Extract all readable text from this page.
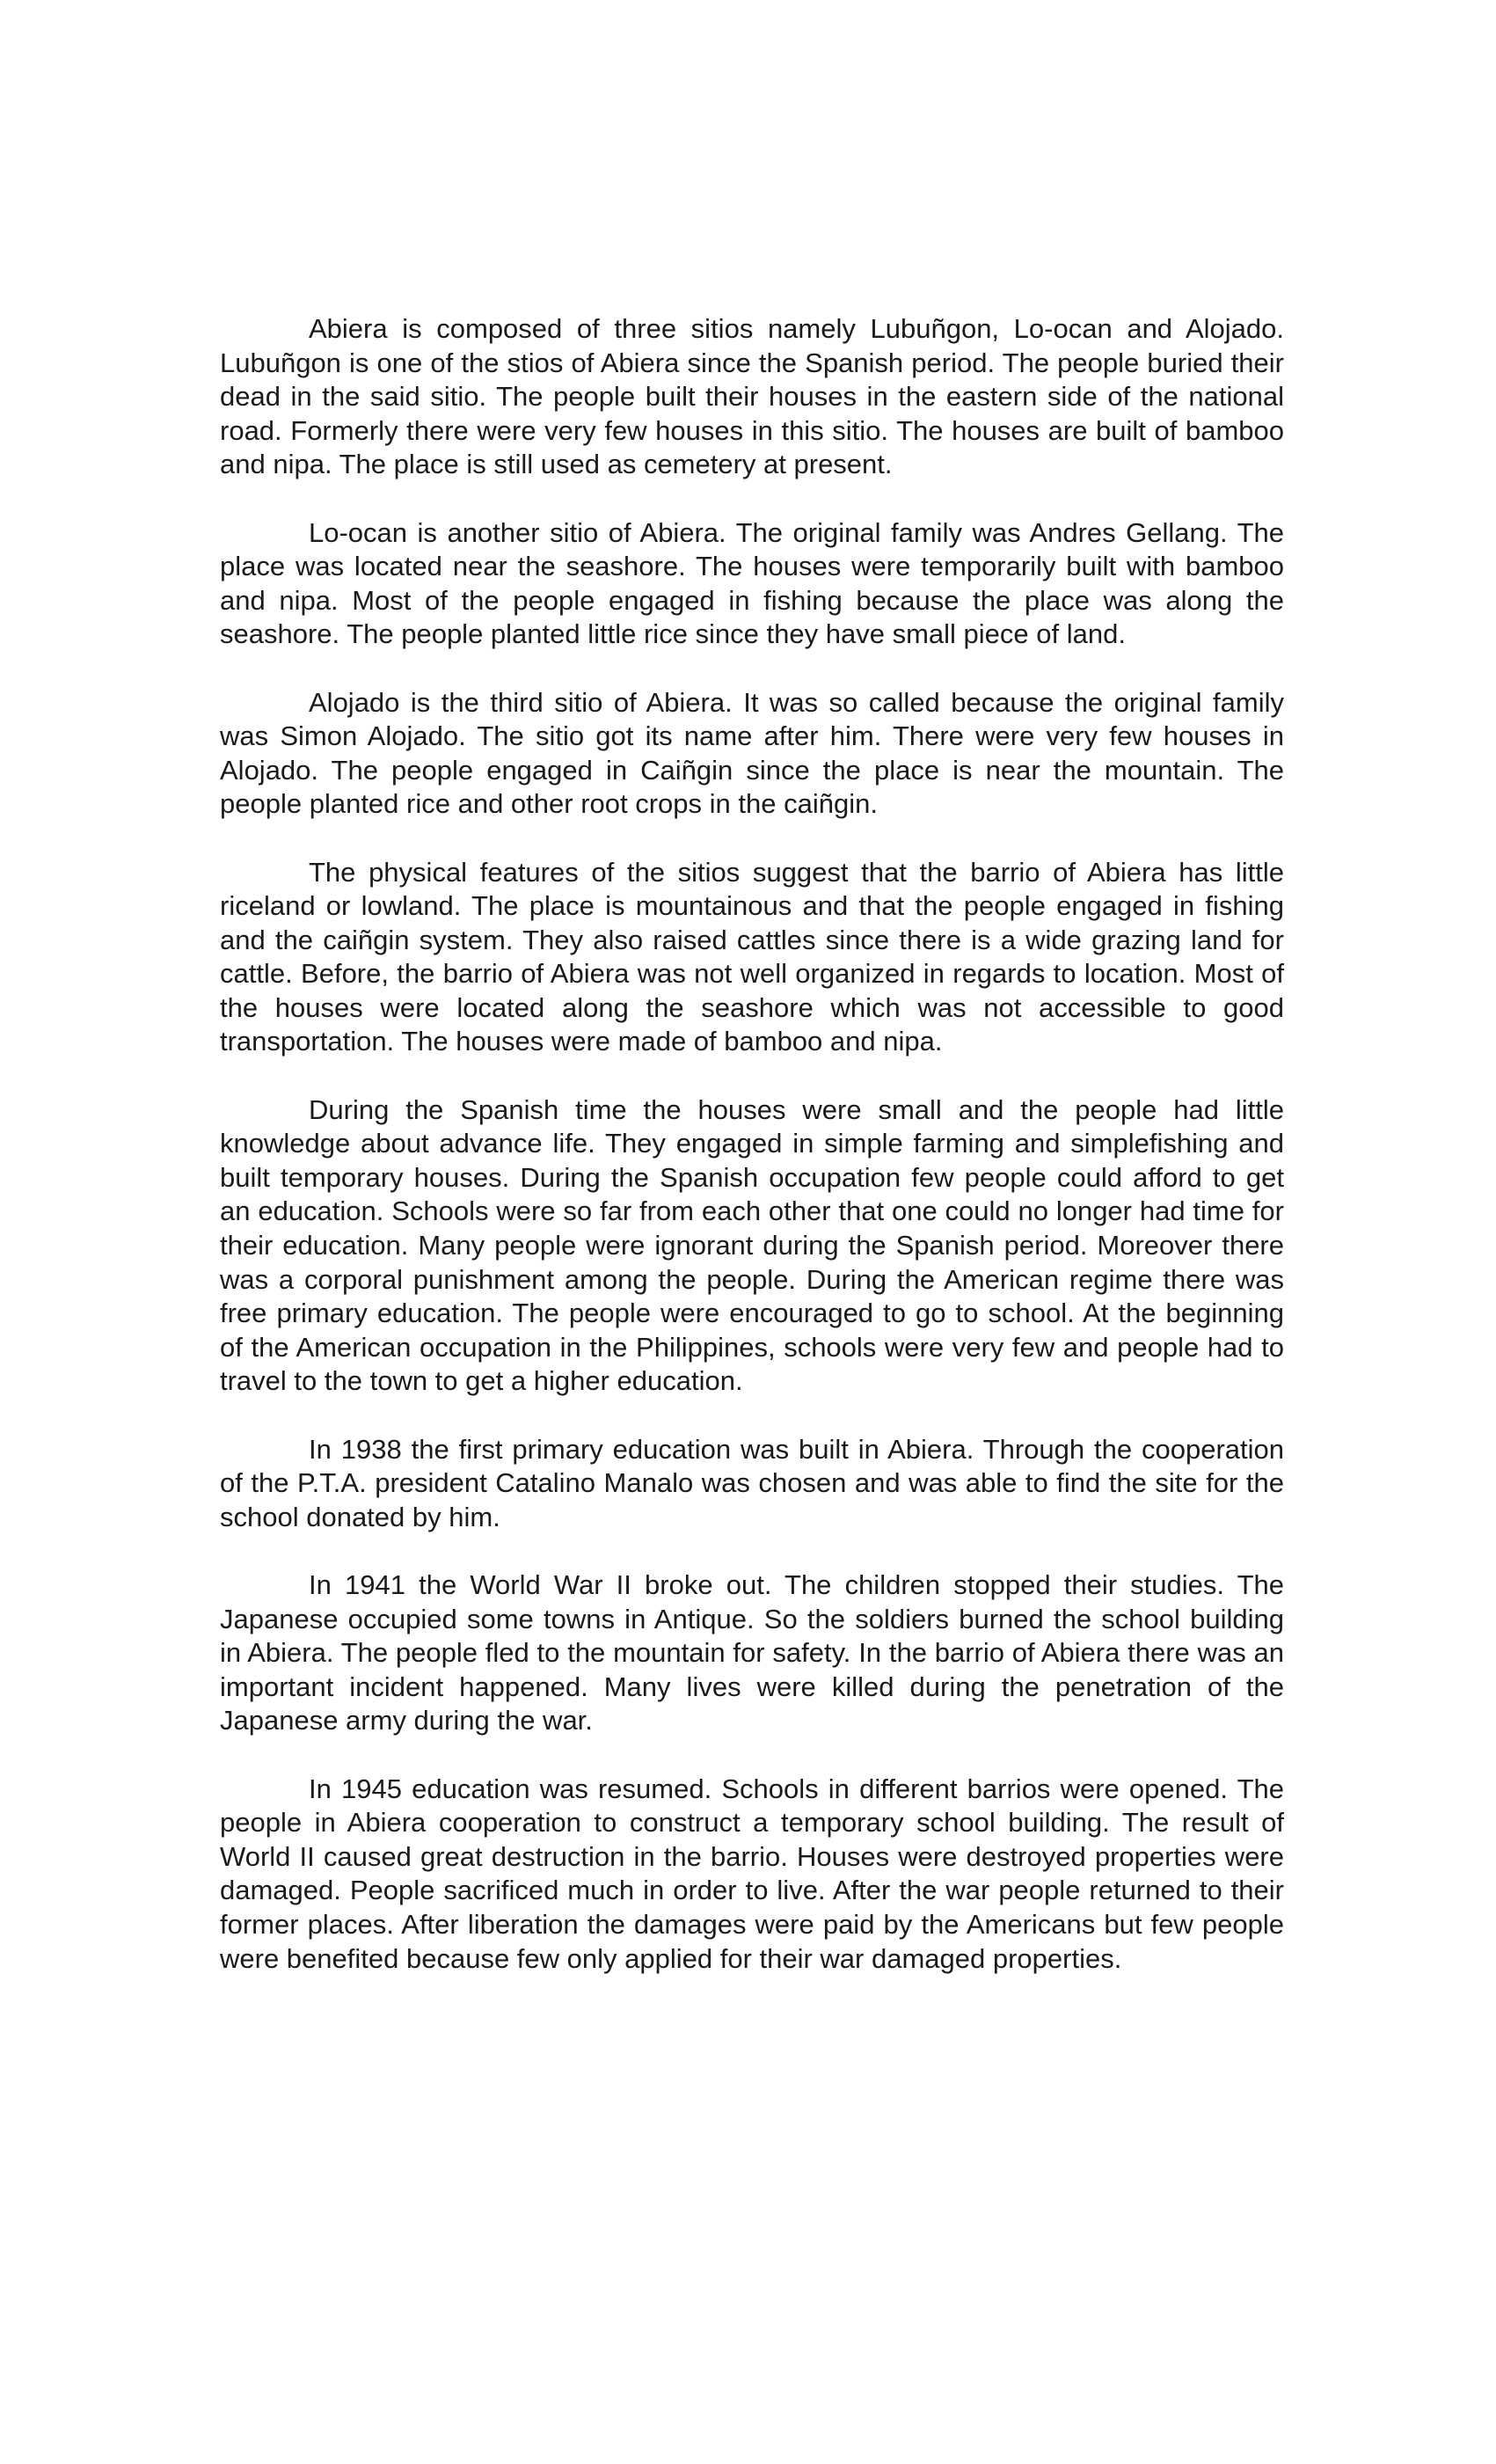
Abiera is composed of three sitios namely Lubuñgon, Lo-ocan and Alojado. Lubuñgon is one of the stios of Abiera since the Spanish period. The people buried their dead in the said sitio. The people built their houses in the eastern side of the national road. Formerly there were very few houses in this sitio. The houses are built of bamboo and nipa. The place is still used as cemetery at present.

Lo-ocan is another sitio of Abiera. The original family was Andres Gellang. The place was located near the seashore. The houses were temporarily built with bamboo and nipa. Most of the people engaged in fishing because the place was along the seashore. The people planted little rice since they have small piece of land.

Alojado is the third sitio of Abiera. It was so called because the original family was Simon Alojado. The sitio got its name after him. There were very few houses in Alojado. The people engaged in Caiñgin since the place is near the mountain. The people planted rice and other root crops in the caiñgin.

The physical features of the sitios suggest that the barrio of Abiera has little riceland or lowland. The place is mountainous and that the people engaged in fishing and the caiñgin system. They also raised cattles since there is a wide grazing land for cattle. Before, the barrio of Abiera was not well organized in regards to location. Most of the houses were located along the seashore which was not accessible to good transportation. The houses were made of bamboo and nipa.

During the Spanish time the houses were small and the people had little knowledge about advance life. They engaged in simple farming and simplefishing and built temporary houses. During the Spanish occupation few people could afford to get an education. Schools were so far from each other that one could no longer had time for their education. Many people were ignorant during the Spanish period. Moreover there was a corporal punishment among the people. During the American regime there was free primary education. The people were encouraged to go to school. At the beginning of the American occupation in the Philippines, schools were very few and people had to travel to the town to get a higher education.

In 1938 the first primary education was built in Abiera. Through the cooperation of the P.T.A. president Catalino Manalo was chosen and was able to find the site for the school donated by him.

In 1941 the World War II broke out. The children stopped their studies. The Japanese occupied some towns in Antique. So the soldiers burned the school building in Abiera. The people fled to the mountain for safety. In the barrio of Abiera there was an important incident happened. Many lives were killed during the penetration of the Japanese army during the war.

In 1945 education was resumed. Schools in different barrios were opened. The people in Abiera cooperation to construct a temporary school building. The result of World II caused great destruction in the barrio. Houses were destroyed properties were damaged. People sacrificed much in order to live. After the war people returned to their former places. After liberation the damages were paid by the Americans but few people were benefited because few only applied for their war damaged properties.
